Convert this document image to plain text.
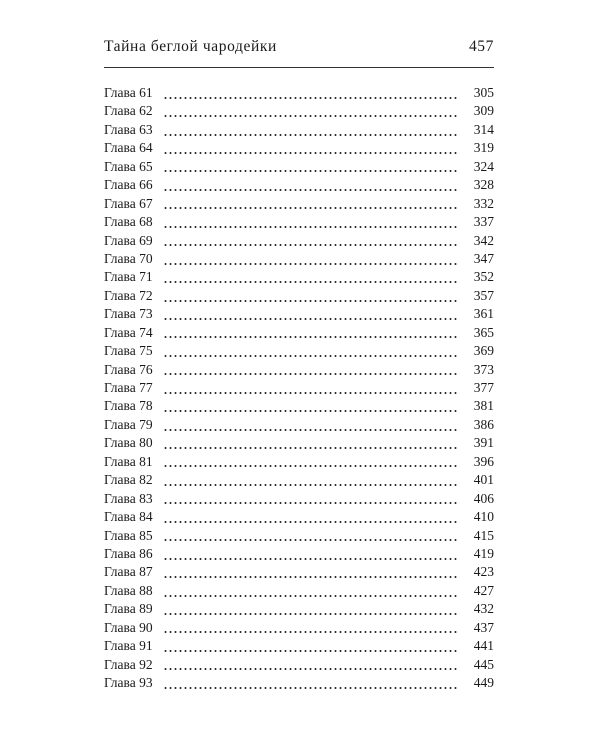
Тайна беглой чародейки	457
Глава 61	305
Глава 62	309
Глава 63	314
Глава 64	319
Глава 65	324
Глава 66	328
Глава 67	332
Глава 68	337
Глава 69	342
Глава 70	347
Глава 71	352
Глава 72	357
Глава 73	361
Глава 74	365
Глава 75	369
Глава 76	373
Глава 77	377
Глава 78	381
Глава 79	386
Глава 80	391
Глава 81	396
Глава 82	401
Глава 83	406
Глава 84	410
Глава 85	415
Глава 86	419
Глава 87	423
Глава 88	427
Глава 89	432
Глава 90	437
Глава 91	441
Глава 92	445
Глава 93	449
